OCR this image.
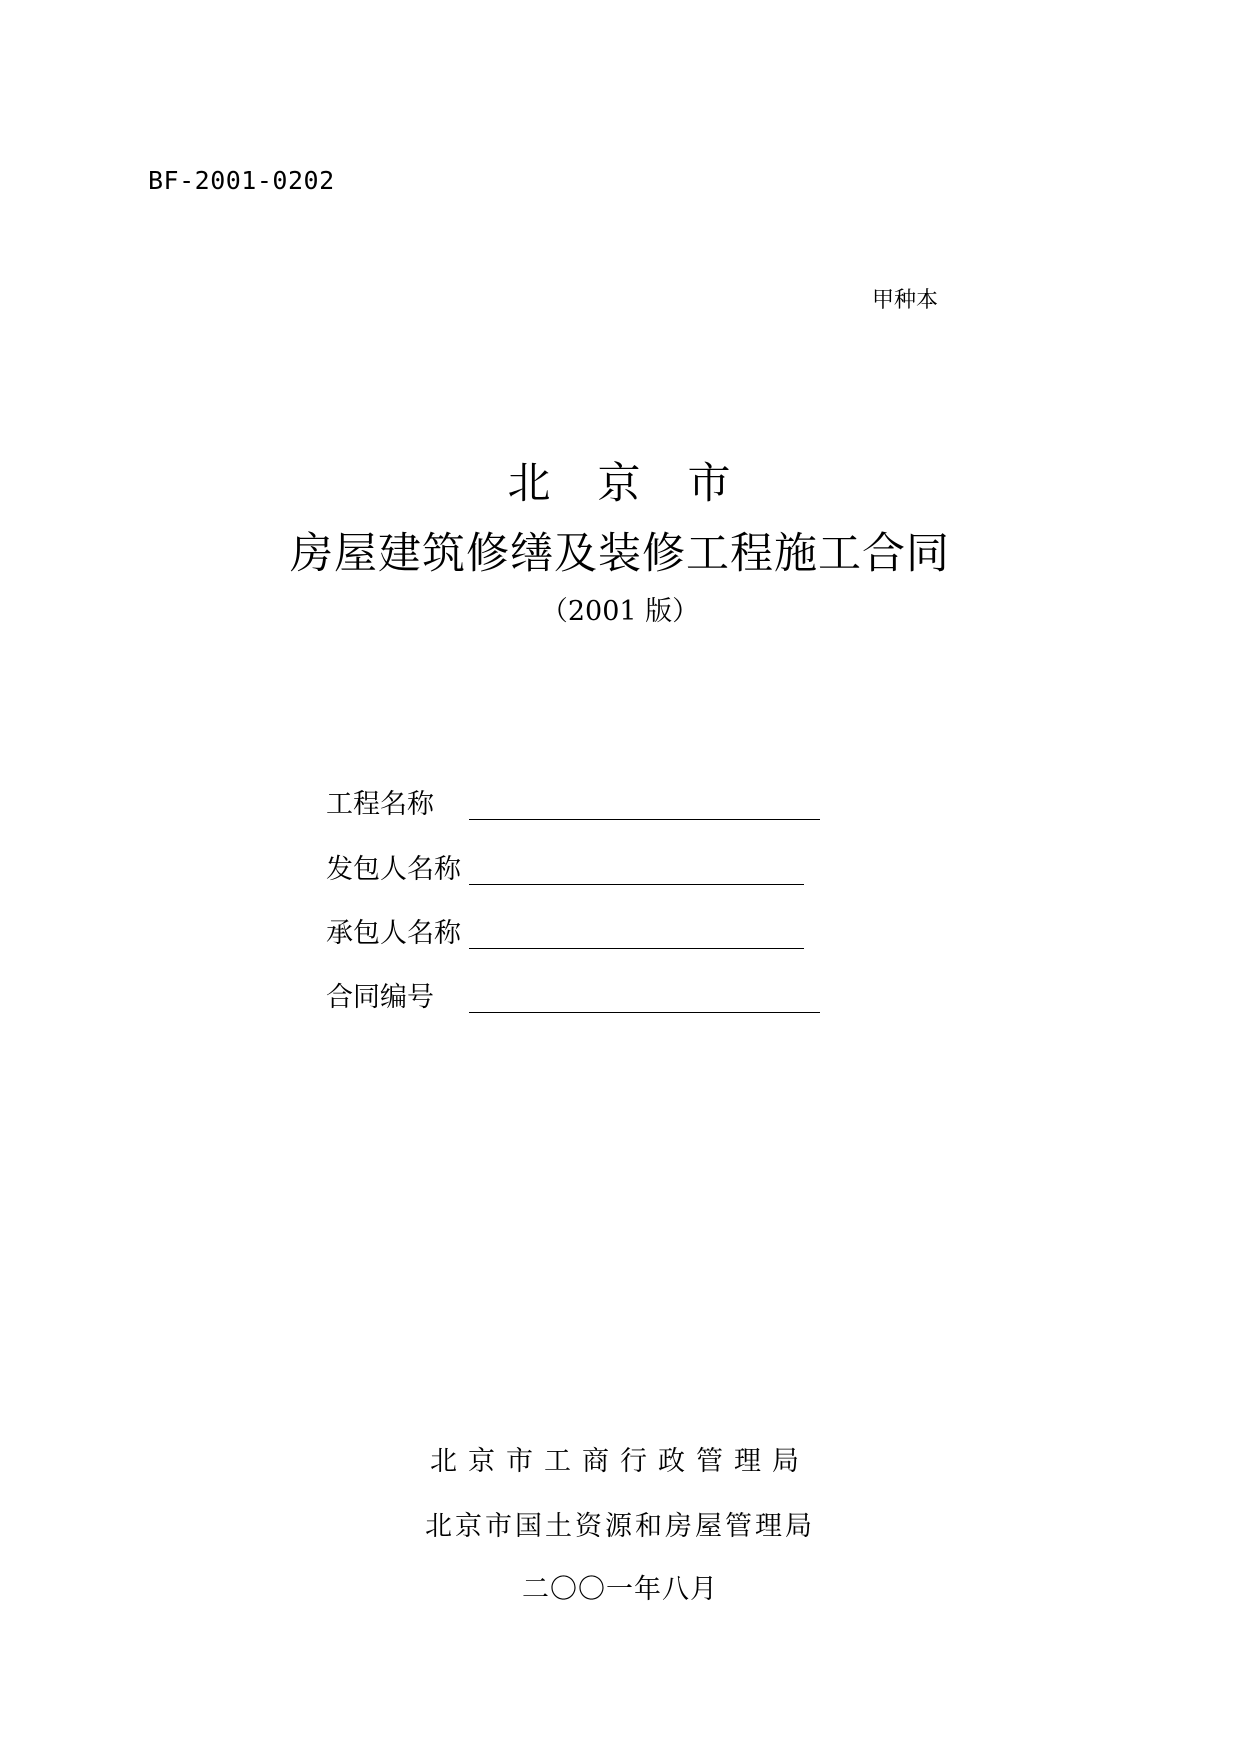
BF-2001-0202
甲种本
北　京　市
房屋建筑修缮及装修工程施工合同
（2001 版）
工程名称
发包人名称
承包人名称
合同编号
北京市工商行政管理局
北京市国土资源和房屋管理局
二〇〇一年八月
